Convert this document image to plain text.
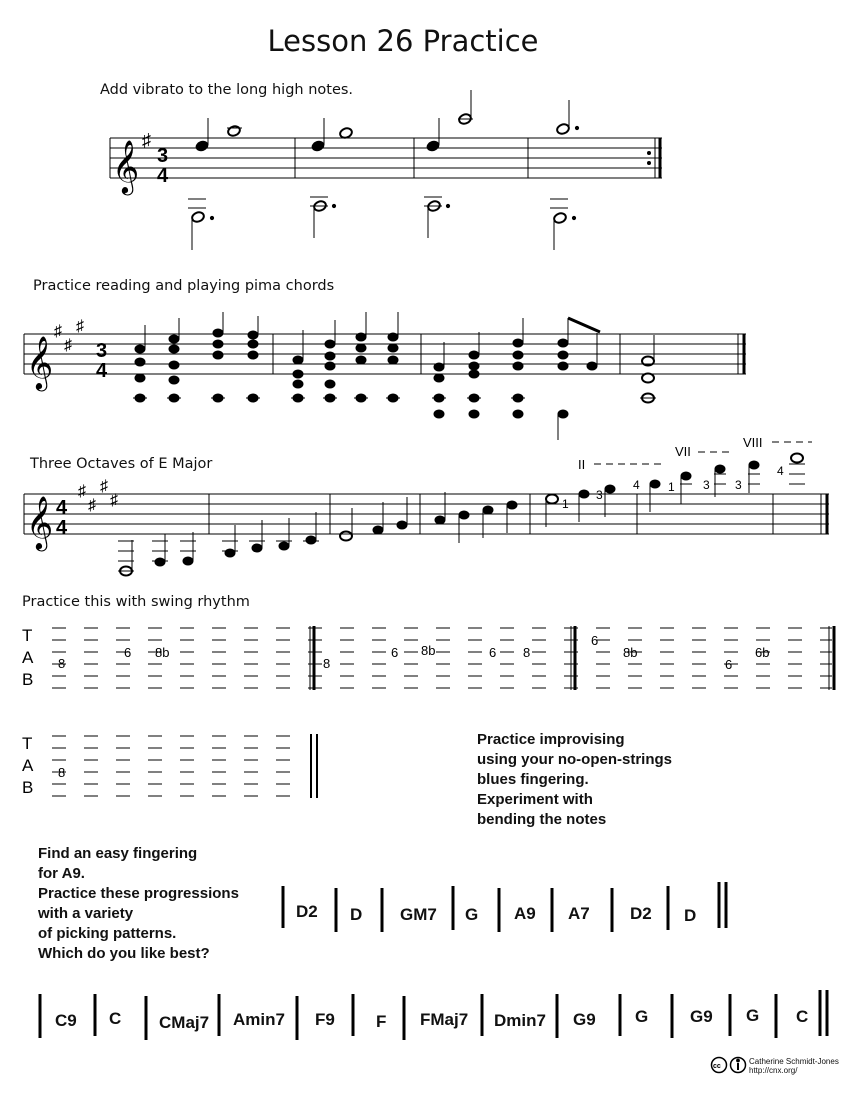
Lesson 26 Practice
Add vibrato to the long high notes.
𝄞 ♯
3
4
𝄞
♯
♯
♯
3
4
𝄞 4
4
♯
♯
♯
♯
II
VII
VIII
1
3
4 1 3 3
4
T
A
B
8
6 8b
8
6 8b	6 8
6
8b
6
6b
T
A
B
8
cc
Practice reading and playing pima chords
Three Octaves of E Major
Practice this with swing rhythm
Practice improvising
using your no-open-strings
blues fingering.
Experiment with
bending the notes
Find an easy fingering
for A9.
Practice these progressions
with a variety
of picking patterns.
Which do you like best?
D2 D GM7 G A9 A7 D2 D
C9 C CMaj7 Amin7 F9 F FMaj7 Dmin7 G9 G G9 G C
Catherine Schmidt-Jones
http://cnx.org/
